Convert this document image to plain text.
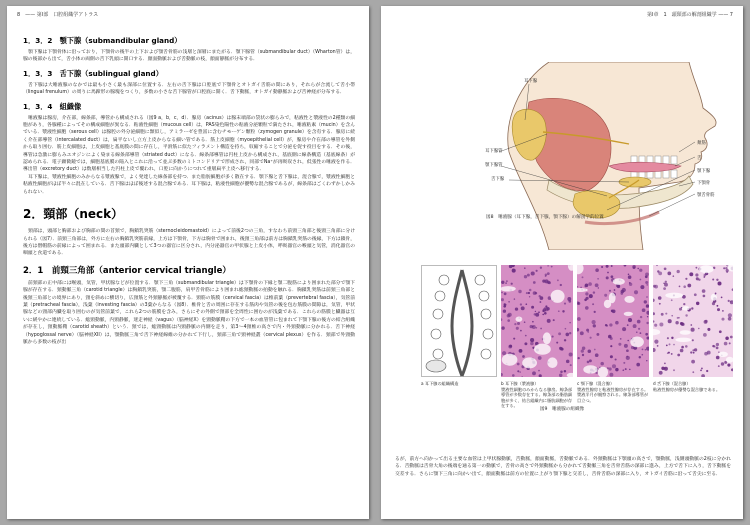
8　—— 第Ⅰ部　口腔組織学アトラス
1．3．2　顎下腺（submandibular gland）

顎下腺は下顎骨体に沿っており，下顎骨の後半の上下および顎舌骨筋の浅層と深層にまたがる．顎下腺管（submandibular duct）（Wharton管）は，腺の後部から出て，舌小体の両側の舌下乳頭に開口する．顔面動脈および舌動脈の枝，顔面静脈が分布する．

1．3．3　舌下腺（sublingual gland）

舌下腺は大唾液腺のなかでは最も小さく最も深部に位置する．左右の舌下腺は口腔底で下顎骨とオトガイ舌筋の間にあり，それらが合流して舌小帯（lingual frenulum）の周りに馬蹄形の腺塊をつくり，多数の小さな舌下腺管が口腔底に開く．舌下動脈，オトガイ動静脈および舌神経が分布する．

1．3．4　組織像

唾液腺は腺房，介在部，線条部，導管から構成される（図9 a，b，c，d）．腺房（acinus）は腺末端部の袋状の膨らみで，粘液性と漿液性の2種類の細胞があり，各腺種によってその構成細胞が異なる．粘液性細胞（mucous cell）は，PAS染色陽性の粘液分泌顆粒で満たされ，唾液粘素（mucin）を含んでいる．漿液性細胞（serous cell）は腺腔の外分泌細胞に類似し，アミラーゼを豊富に含むチモーゲン顆粒（zymogen granule）を含有する．腺房に続く介在部導管（intercalated duct）は，扁平ないし立方上皮からなる細い管である．筋上皮細胞（myoepithelial cell）が，腺房や介在部の導管を外側から取り囲む．筋上皮細胞は，上皮細胞と基底膜の間に存在し，平滑筋に似たフィラメント構造を持ち，収縮することで分泌を促す役目をする．その後，導管は急激に膨らみエオジンによく染まる線条部導管（striated duct）になる．線条部導管は円柱上皮から構成され，基底側に線条構造（基底線条）が認められる．電子顕微鏡では，細胞基底膜の陥入とこれに沿って並ぶ多数のミトコンドリアで形成され，同部でNa⁺が再吸収され，低張性の唾液を作る．導出管（excretory duct）は数層相当した円柱上皮で覆われ，口腔に向かうにつれて重層扁平上皮へ移行する．

耳下腺は，漿液性細胞のみからなる漿液腺で，よく発達した線条部を持つ．また脂肪細胞が多く散在する．顎下腺と舌下腺は，混合腺で，漿液性細胞と粘液性細胞がほぼ半々に混在している．舌下腺はほぼ後述する混合腺である．耳下腺は，粘液性細胞が優勢な混合腺であるが，線条部はごくわずかしかみられない．

2．頸部（neck）

頸部は，頭部と胸部および胸部の間の首頸で，胸鎖乳突筋（sternocleidomastoid）によって前後2つの三角，すなわち前頸三角部と後頸三角部に分けられる（図7）．前頸三角部は，外方に左右の胸鎖乳突筋前縁，上方は下顎骨，下方は胸骨で囲まれ，後頸三角部は前方は胸鎖乳突筋の後縁，下方は鎖骨，後方は僧帽筋の前縁によって囲まれる．また頭部内臓として3つの器官に区分され，内分泌器官の甲状腺と上皮小体，呼吸器官の喉頭と気管，消化器官の咽頭と食道である．

2．1　前頸三角部（anterior cervical triangle）

前頸部の正中部には喉頭，気管，甲状腺などが位置する．顎下三角（submandibular triangle）は下顎骨の下縁と顎二腹筋により囲まれた部分で顎下腺が存在する．頸動脈三角（carotid triangle）は胸鎖乳突筋，顎二腹筋，肩甲舌骨筋により囲まれ総頸動脈の拍動を触れる．胸鎖乳突筋は前頸三角部と後頸三角部との境界にあり，頸を斜めに横切り，広頸筋と外頸静脈が被覆する．頸筋の筋膜（cervical fascia）は椎前葉（prevertebral fascia），気管前葉（pretracheal fascia），浅葉（investing fascia）の3葉からなる（図8）．椎骨と舌の周囲に存在する筋肉や気管の後を包む筋膜の間隙は，気管，甲状腺などの頸部内臓を取り囲むのが気管前葉で，これら2つの筋膜を含み，さらにその外側で頸部を全周性に囲むのが浅葉である．これらの筋膜と臓器は互いに緩やかに連続している．総頸動脈，内頸静脈，迷走神経（vagus）（脳神経X）を頸動脈鞘の下方で一本の血管管に包まれて下顎下腺の後方の結合組織が存在し，頸動脈鞘（carotid sheath）という．頸では，総頸動脈は内頸静脈の内側を走り，第3〜4頸椎の高さで内・外頸動脈に分かれる．舌下神経（hypoglossal nerve）（脳神経XII）は，顎動脈三角で舌下神経線維の分かれて下行し，頸部三角で頸神経叢（cervical plexus）を作る．頸部で外頸動脈から多数の枝が出

第Ⅰ章　1　頭頸部の解剖組織学 —— 7
耳下腺
耳下腺管
顎下腺管
舌下腺
頬筋
舌
顎下腺
下顎骨
顎舌骨筋
図8　唾液腺（耳下腺，舌下腺，顎下腺）の解剖学的位置
a 耳下腺の組織構造	b 耳下腺（漿液腺）
漿液性細胞のみからなる腺房。線条部導管が多数存在する。線条部の脂肪細胞が多く、結合組織内に脂肪細胞が存在する。
c 顎下腺（混合腺）
漿液性腺房と粘液性腺房が存在する。漿液半月が観察される。線条部導管が目立つ。
d 舌下腺（混合腺）
粘液性腺房が優勢な混合腺である。
図9　唾液腺の組織像

るが，前方へ向かって出る主要な血管は上甲状腺動脈，舌動脈，顔面動脈，舌動脈である．外頸動脈は下顎頭の高さで，顎動脈，浅側頭動脈の2枝に分かれる．舌動脈は舌骨大角の後端を通る第一の動脈で，舌骨の高さで外頸動脈から分かれて舌動脈三角を舌骨舌筋の深部に進み，上方で舌下に入り，舌下動脈を交差する．さらに顎下三角に向かい出て，顔面動脈は前方の位置に上がり顎下腺と交差し，舌骨舌筋の深部に入り，オトガイ舌筋に沿って舌尖に至る．
